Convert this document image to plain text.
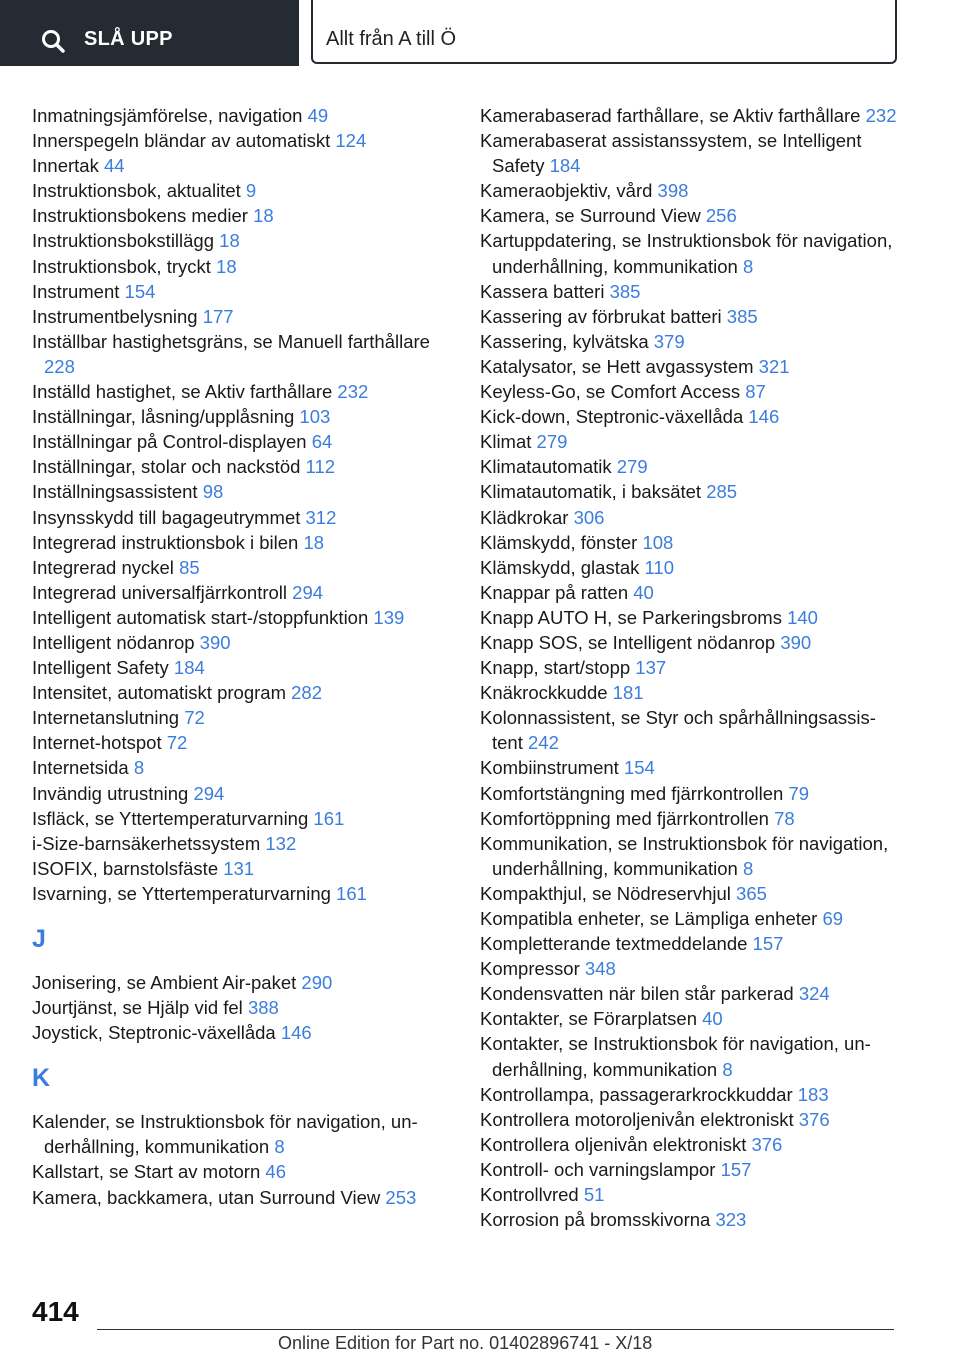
SLÅ UPP	Allt från A till Ö
Inmatningsjämförelse, navigation 49
Innerspegeln bländar av automatiskt 124
Innertak 44
Instruktionsbok, aktualitet 9
Instruktionsbokens medier 18
Instruktionsbokstillägg 18
Instruktionsbok, tryckt 18
Instrument 154
Instrumentbelysning 177
Inställbar hastighetsgräns, se Manuell farthållare 228
Inställd hastighet, se Aktiv farthållare 232
Inställningar, låsning/upplåsning 103
Inställningar på Control-displayen 64
Inställningar, stolar och nackstöd 112
Inställningsassistent 98
Insynsskydd till bagageutrymmet 312
Integrerad instruktionsbok i bilen 18
Integrerad nyckel 85
Integrerad universalfjärrkontroll 294
Intelligent automatisk start-/stoppfunktion 139
Intelligent nödanrop 390
Intelligent Safety 184
Intensitet, automatiskt program 282
Internetanslutning 72
Internet-hotspot 72
Internetsida 8
Invändig utrustning 294
Isfläck, se Yttertemperaturvarning 161
i-Size-barnsäkerhetssystem 132
ISOFIX, barnstolsfäste 131
Isvarning, se Yttertemperaturvarning 161
J
Jonisering, se Ambient Air-paket 290
Jourtjänst, se Hjälp vid fel 388
Joystick, Steptronic-växellåda 146
K
Kalender, se Instruktionsbok för navigation, underhållning, kommunikation 8
Kallstart, se Start av motorn 46
Kamera, backkamera, utan Surround View 253
Kamerabaserad farthållare, se Aktiv farthållare 232
Kamerabaserat assistanssystem, se Intelligent Safety 184
Kameraobjektiv, vård 398
Kamera, se Surround View 256
Kartuppdatering, se Instruktionsbok för navigation, underhållning, kommunikation 8
Kassera batteri 385
Kassering av förbrukat batteri 385
Kassering, kylvätska 379
Katalysator, se Hett avgassystem 321
Keyless-Go, se Comfort Access 87
Kick-down, Steptronic-växellåda 146
Klimat 279
Klimatautomatik 279
Klimatautomatik, i baksätet 285
Klädkrokar 306
Klämskydd, fönster 108
Klämskydd, glastak 110
Knappar på ratten 40
Knapp AUTO H, se Parkeringsbroms 140
Knapp SOS, se Intelligent nödanrop 390
Knapp, start/stopp 137
Knäkrockkudde 181
Kolonnassistent, se Styr och spårhållningsassistent 242
Kombiinstrument 154
Komfortstängning med fjärrkontrollen 79
Komfortöppning med fjärrkontrollen 78
Kommunikation, se Instruktionsbok för navigation, underhållning, kommunikation 8
Kompakthjul, se Nödreservhjul 365
Kompatibla enheter, se Lämpliga enheter 69
Kompletterande textmeddelande 157
Kompressor 348
Kondensvatten när bilen står parkerad 324
Kontakter, se Förarplatsen 40
Kontakter, se Instruktionsbok för navigation, underhållning, kommunikation 8
Kontrollampa, passagerarkrockkuddar 183
Kontrollera motoroljenivån elektroniskt 376
Kontrollera oljenivån elektroniskt 376
Kontroll- och varningslampor 157
Kontrollvred 51
Korrosion på bromsskivorna 323
414
Online Edition for Part no. 01402896741 - X/18
